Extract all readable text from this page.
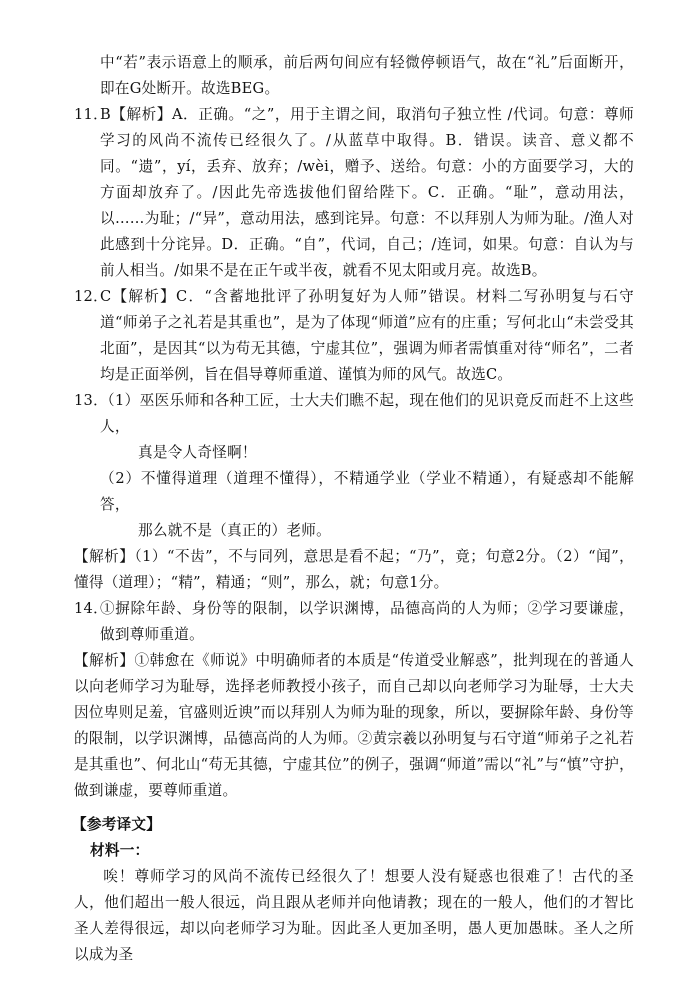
中“若”表示语意上的顺承，前后两句间应有轻微停顿语气，故在“礼”后面断开，即在G处断开。故选BEG。

11．

B【解析】A．正确。“之”，用于主谓之间，取消句子独立性 /代词。句意：尊师学习的风尚不流传已经很久了。/从蓝草中取得。B．错误。读音、意义都不同。“遗”，yí，丢弃、放弃；/wèi，赠予、送给。句意：小的方面要学习，大的方面却放弃了。/因此先帝选拔他们留给陛下。C．正确。“耻”，意动用法，以……为耻；/“异”，意动用法，感到诧异。句意：不以拜别人为师为耻。/渔人对此感到十分诧异。D．正确。“自”，代词，自己；/连词，如果。句意：自认为与前人相当。/如果不是在正午或半夜，就看不见太阳或月亮。故选B。

12．

C【解析】C．“含蓄地批评了孙明复好为人师”错误。材料二写孙明复与石守道“师弟子之礼若是其重也”，是为了体现“师道”应有的庄重；写何北山“未尝受其北面”，是因其“以为苟无其德，宁虚其位”，强调为师者需慎重对待“师名”，二者均是正面举例，旨在倡导尊师重道、谨慎为师的风气。故选C。

13．

（1）巫医乐师和各种工匠，士大夫们瞧不起，现在他们的见识竟反而赶不上这些人，

真是令人奇怪啊！

（2）不懂得道理（道理不懂得），不精通学业（学业不精通），有疑惑却不能解答，

那么就不是（真正的）老师。

【解析】（1）“不齿”，不与同列，意思是看不起；“乃”，竟；句意2分。（2）“闻”，懂得（道理）；“精”，精通；“则”，那么，就；句意1分。

14．

①摒除年龄、身份等的限制，以学识渊博，品德高尚的人为师；②学习要谦虚，做到尊师重道。

【解析】①韩愈在《师说》中明确师者的本质是“传道受业解惑”，批判现在的普通人以向老师学习为耻辱，选择老师教授小孩子，而自己却以向老师学习为耻辱，士大夫因位卑则足羞，官盛则近谀”而以拜别人为师为耻的现象，所以，要摒除年龄、身份等的限制，以学识渊博，品德高尚的人为师。②黄宗羲以孙明复与石守道“师弟子之礼若是其重也”、何北山“苟无其德，宁虚其位”的例子，强调“师道”需以“礼”与“慎”守护，做到谦虚，要尊师重道。

【参考译文】

材料一：

唉！尊师学习的风尚不流传已经很久了！想要人没有疑惑也很难了！古代的圣人，他们超出一般人很远，尚且跟从老师并向他请教；现在的一般人，他们的才智比圣人差得很远，却以向老师学习为耻。因此圣人更加圣明，愚人更加愚昧。圣人之所以成为圣
